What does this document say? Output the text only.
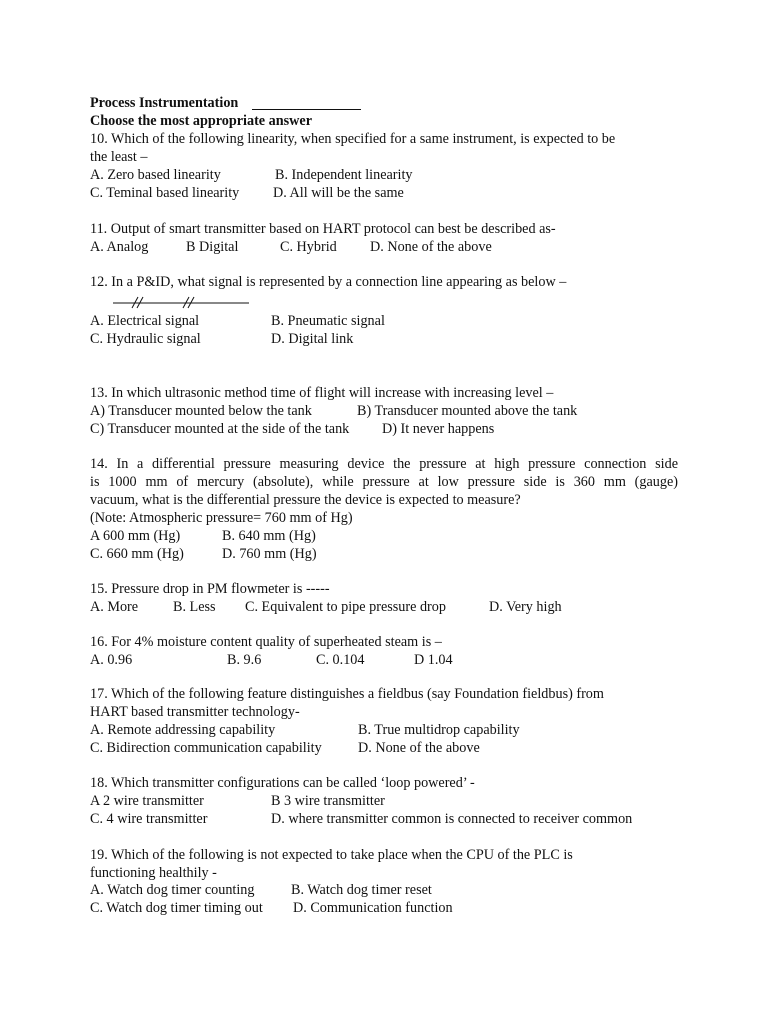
Process Instrumentation
Choose the most appropriate answer
10. Which of the following linearity, when specified for a same instrument, is expected to be
the least –
A. Zero based linearity	B. Independent linearity
C. Teminal based linearity D. All will be the same
11. Output of smart transmitter based on HART protocol can best be described as-
A. Analog	B Digital	C. Hybrid D. None of the above
12. In a P&ID, what signal is represented by a connection line appearing as below –
A. Electrical signal	B. Pneumatic signal
C. Hydraulic signal	D. Digital link
13. In which ultrasonic method time of flight will increase with increasing level –
A) Transducer mounted below the tank	B) Transducer mounted above the tank
C) Transducer mounted at the side of the tank D) It never happens
14. In a differential pressure measuring device the pressure at high pressure connection side
is 1000 mm of mercury (absolute), while pressure at low pressure side is 360 mm (gauge)
vacuum, what is the differential pressure the device is expected to measure?
(Note: Atmospheric pressure= 760 mm of Hg)
A 600 mm (Hg)	B. 640 mm (Hg)
C. 660 mm (Hg)	D. 760 mm (Hg)
15. Pressure drop in PM flowmeter is -----
A. More B. Less C. Equivalent to pipe pressure drop	D. Very high
16. For 4% moisture content quality of superheated steam is –
A. 0.96	B. 9.6	C. 0.104	D 1.04
17. Which of the following feature distinguishes a fieldbus (say Foundation fieldbus) from
HART based transmitter technology-
A. Remote addressing capability	B. True multidrop capability
C. Bidirection communication capability	D. None of the above
18. Which transmitter configurations can be called ‘loop powered’ -
A 2 wire transmitter	B 3 wire transmitter
C. 4 wire transmitter	D. where transmitter common is connected to receiver common
19. Which of the following is not expected to take place when the CPU of the PLC is
functioning healthily -
A. Watch dog timer counting	B. Watch dog timer reset
C. Watch dog timer timing out D. Communication function
